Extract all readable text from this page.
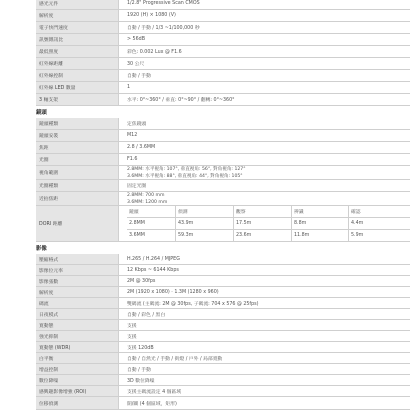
感光元件	1/2.8" Progressive Scan CMOS
解析度	1920 (H) × 1080 (V)
電子快門速度	自動 / 手動 / 1/3 ~1/100,000 秒
訊號雜訊比	> 56dB
最低照度	彩色: 0.002 Lux @ F1.6
紅外線距離	30 公尺
紅外線控制	自動 / 手動
紅外線 LED 數量	1
3 軸支架	水平: 0°~360° / 垂直: 0°~90° / 翻轉: 0°~360°
鏡頭
鏡頭種類	定焦鏡頭
鏡頭安裝	M12
焦距	2.8 / 3.6MM
光圈	F1.6
視角範圍
2.8MM: 水平視角: 107°, 垂直視角: 56°, 對角視角: 127°
3.6MM: 水平視角: 88°, 垂直視角: 44°, 對角視角: 105°
光圈種類	固定光圈
近拍焦距
2.8MM: 700 mm
3.6MM: 1200 mm
DORI 距離
鏡頭	偵測	觀察	辨識	確認
2.8MM	43.9m	17.5m	8.8m	4.4m
3.6MM	59.3m	23.6m	11.8m	5.9m
影像
壓縮格式	H.265 / H.264 / MJPEG
影像位元率	12 Kbps ~ 6144 Kbps
影像張數	2M @ 30fps
解析度	2M (1920 x 1080) · 1.3M (1280 x 960)
碼流	雙碼流 (主碼流: 2M @ 30fps, 子碼流: 704 x 576 @ 25fps)
日夜模式	自動 / 彩色 / 黑白
寬動態	支援
強光抑制	支援
寬動態 (WDR)	支援 120dB
白平衡	自動 / 自然光 / 手動 / 街燈 / 戶外 / 局部寬動
增益控制	自動 / 手動
數位降噪	3D 數位降噪
感興趣影像增強 (ROI)	支援主碼流設定 4 個區域
位移偵測	開/關 (4 個區域，矩形)
